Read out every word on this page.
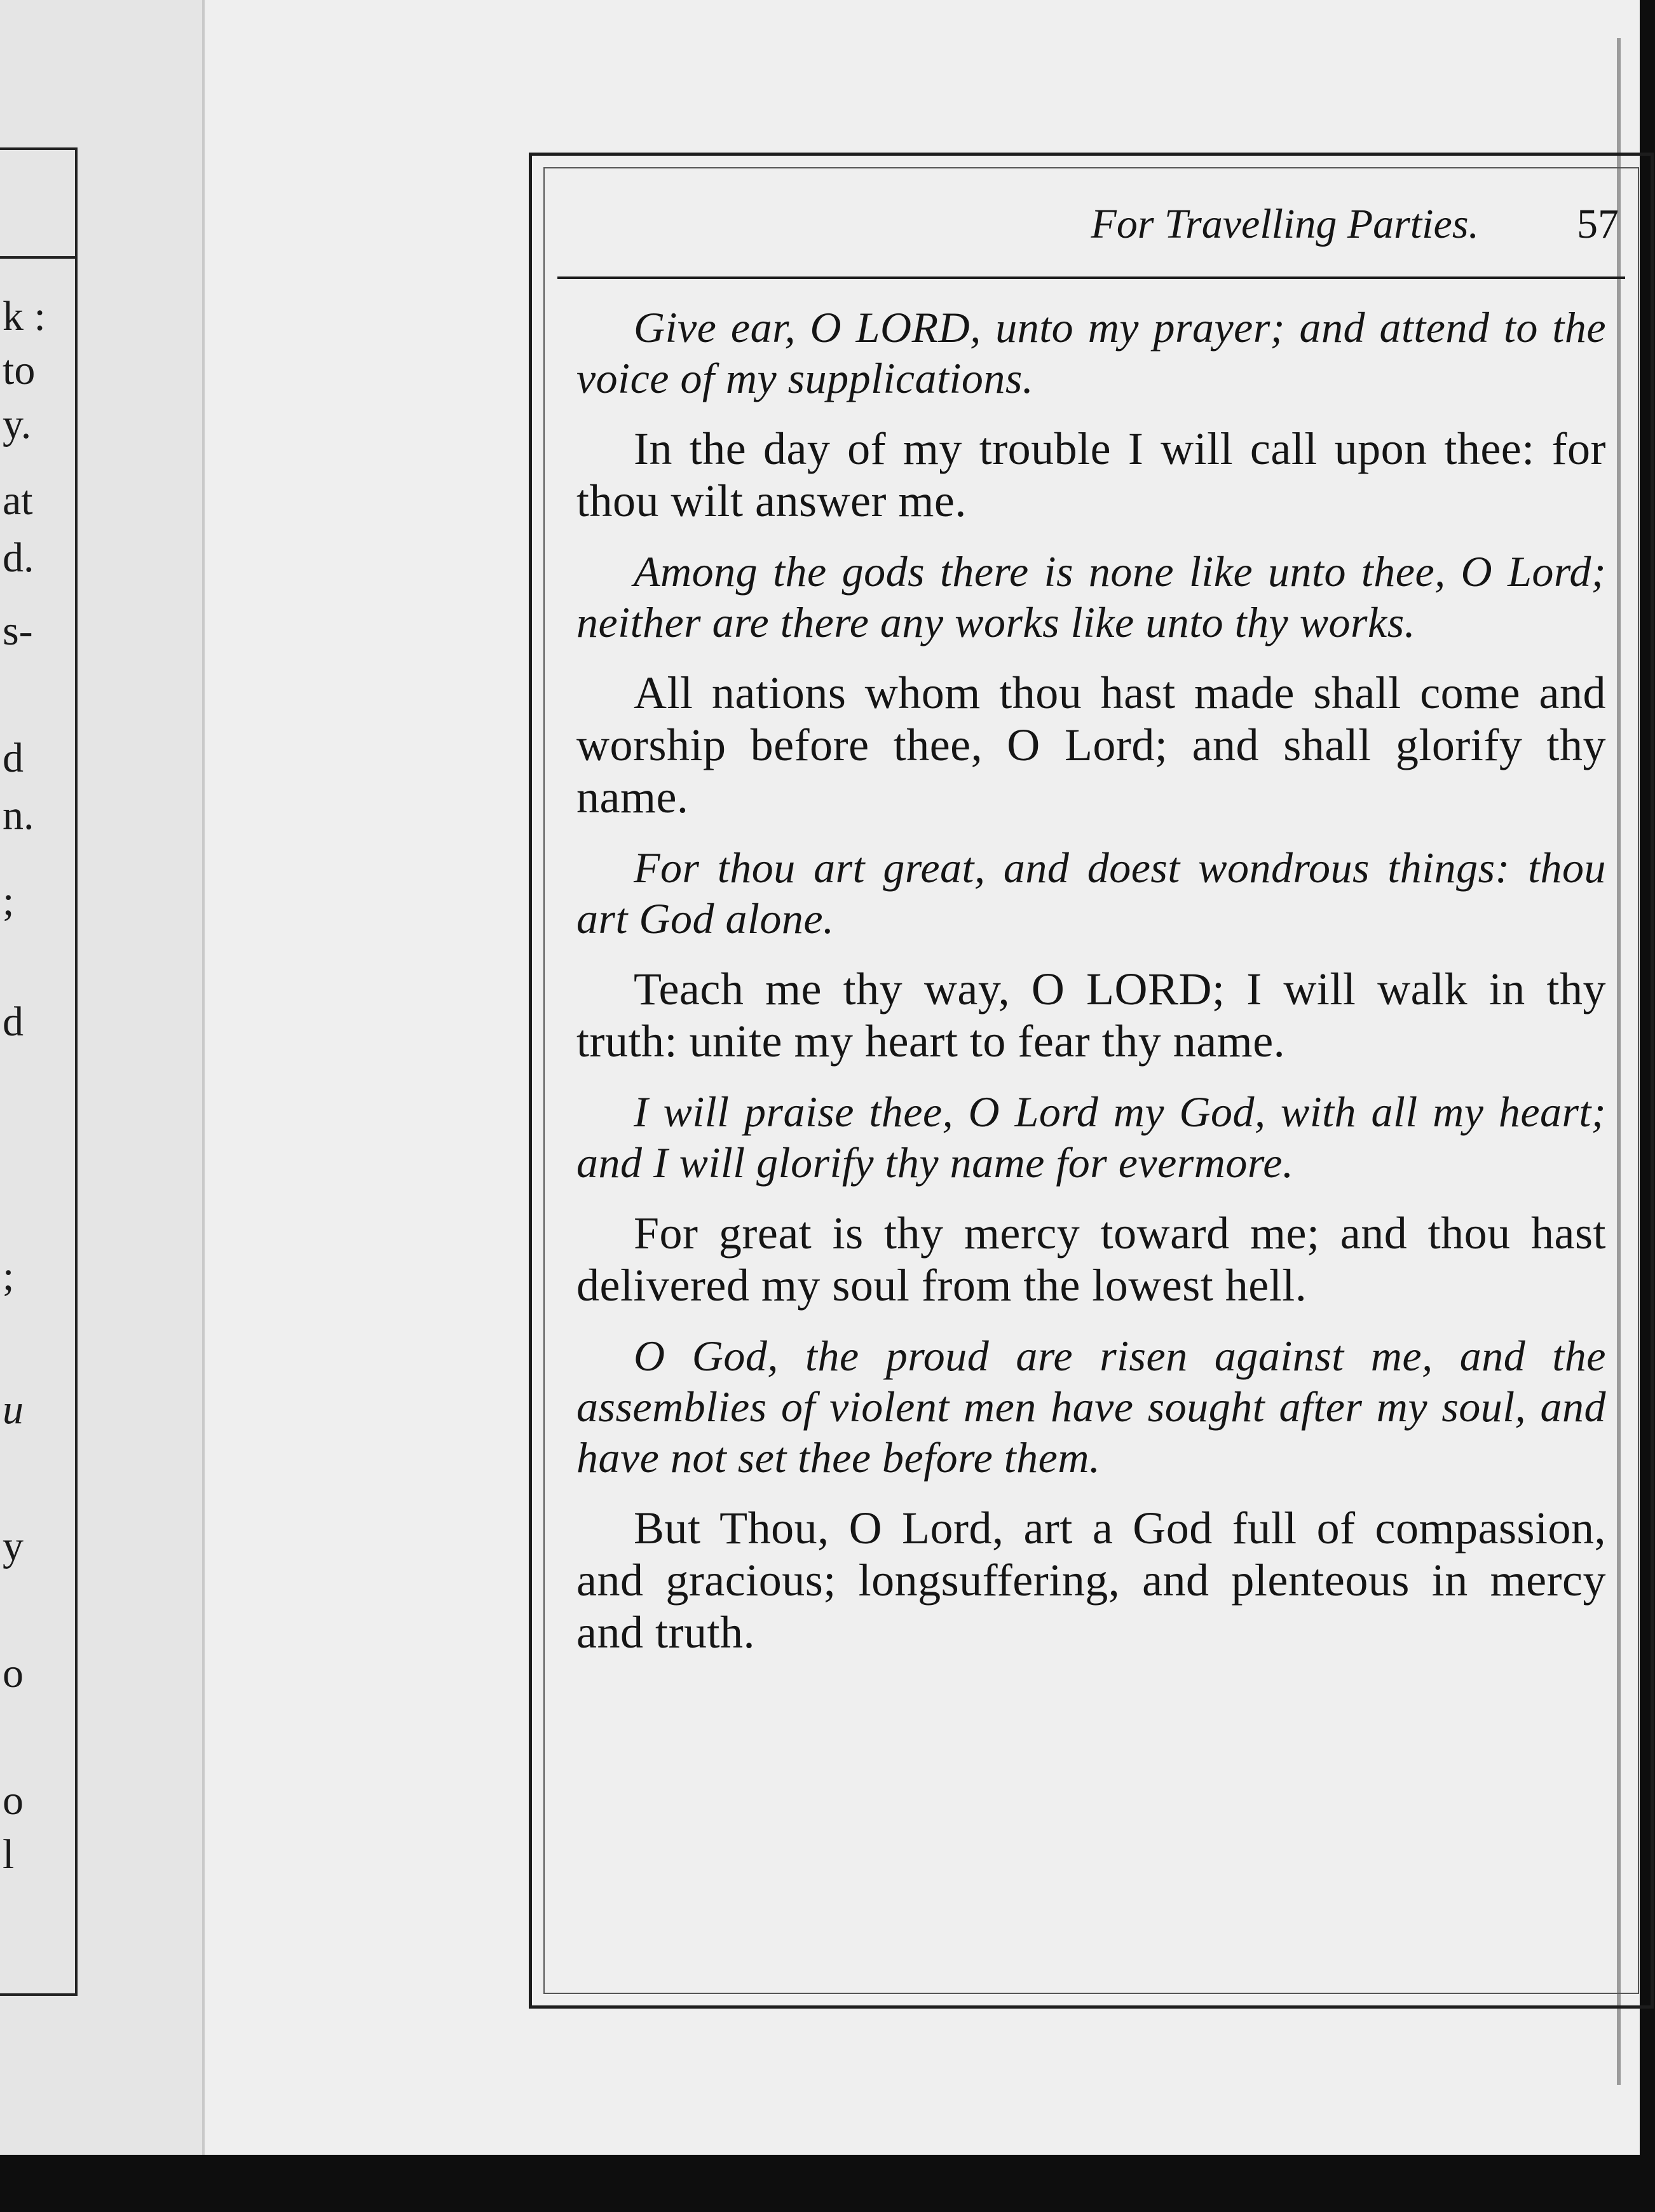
k :
to
y.
at
d.
s-
d
n.
;
d
;
u
y
o
o
l
For Travelling Parties. 57

Give ear, O LORD, unto my prayer; and attend to the voice of my supplications.

In the day of my trouble I will call upon thee: for thou wilt answer me.

Among the gods there is none like unto thee, O Lord; neither are there any works like unto thy works.

All nations whom thou hast made shall come and worship before thee, O Lord; and shall glorify thy name.

For thou art great, and doest wondrous things: thou art God alone.

Teach me thy way, O LORD; I will walk in thy truth: unite my heart to fear thy name.

I will praise thee, O Lord my God, with all my heart; and I will glorify thy name for evermore.

For great is thy mercy toward me; and thou hast delivered my soul from the lowest hell.

O God, the proud are risen against me, and the assemblies of violent men have sought after my soul, and have not set thee before them.

But Thou, O Lord, art a God full of compassion, and gracious; longsuffering, and plenteous in mercy and truth.
